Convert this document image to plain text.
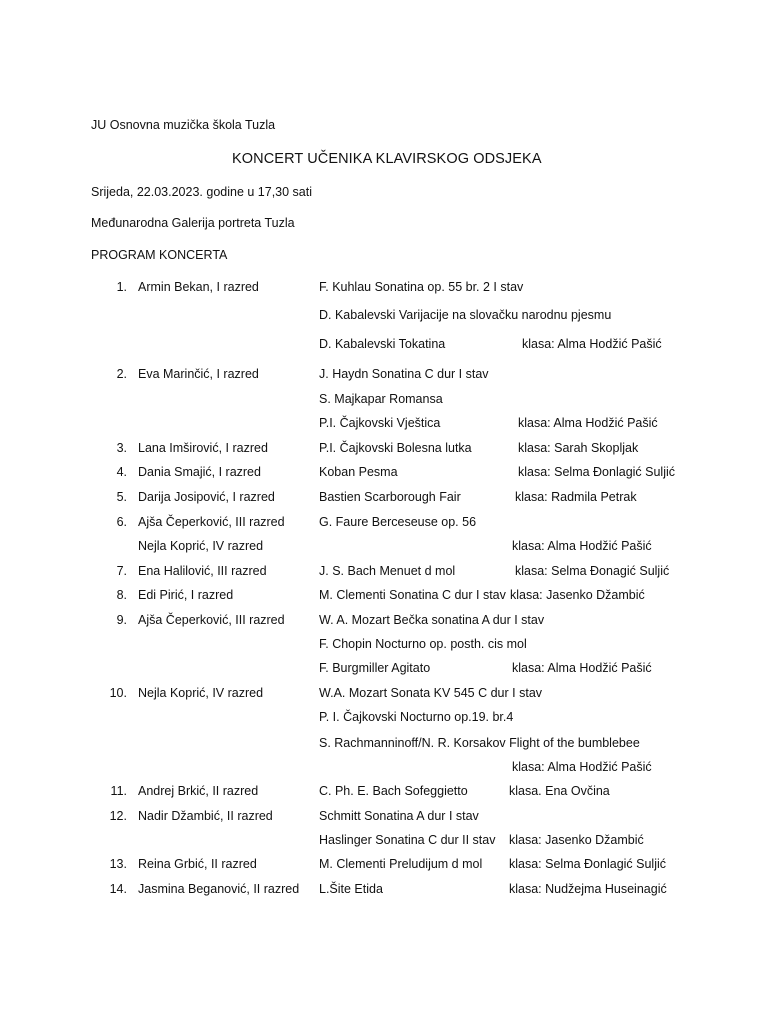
JU Osnovna muzička škola Tuzla
KONCERT UČENIKA KLAVIRSKOG ODSJEKA
Srijeda, 22.03.2023. godine u 17,30 sati
Međunarodna Galerija portreta Tuzla
PROGRAM KONCERTA
1. Armin Bekan, I razred	F. Kuhlau Sonatina op. 55 br. 2 I stav
D. Kabalevski Varijacije na slovačku narodnu pjesmu
D. Kabalevski Tokatina	klasa: Alma Hodžić Pašić
2. Eva Marinčić, I razred	J. Haydn Sonatina C dur I stav
S. Majkapar Romansa
P.I. Čajkovski Vještica	klasa: Alma Hodžić Pašić
3. Lana Imširović, I razred	P.I. Čajkovski Bolesna lutka	klasa: Sarah Skopljak
4. Dania Smajić, I razred	Koban Pesma	klasa: Selma Đonlagić Suljić
5. Darija Josipović, I razred	Bastien Scarborough Fair	klasa: Radmila Petrak
6. Ajša Čeperković, III razred	G. Faure Berceseuse op. 56
Nejla Koprić, IV razred	klasa: Alma Hodžić Pašić
7. Ena Halilović, III razred	J. S. Bach Menuet d mol	klasa: Selma Đonagić Suljić
8. Edi Pirić, I razred	M. Clementi Sonatina C dur I stav klasa: Jasenko Džambić
9. Ajša Čeperković, III razred	W. A. Mozart Bečka sonatina A dur I stav
F. Chopin Nocturno op. posth. cis mol
F. Burgmiller Agitato	klasa: Alma Hodžić Pašić
10. Nejla Koprić, IV razred	W.A. Mozart Sonata KV 545 C dur I stav
P. I. Čajkovski Nocturno op.19. br.4
S. Rachmanninoff/N. R. Korsakov Flight of the bumblebee
klasa: Alma Hodžić Pašić
11. Andrej Brkić, II razred	C. Ph. E. Bach Sofeggietto	klasa. Ena Ovčina
12. Nadir Džambić, II razred	Schmitt Sonatina A dur I stav
Haslinger Sonatina C dur II stav klasa: Jasenko Džambić
13. Reina Grbić, II razred	M. Clementi Preludijum d mol klasa: Selma Đonlagić Suljić
14. Jasmina Beganović, II razred L.Šite Etida	klasa: Nudžejma Huseinagić
